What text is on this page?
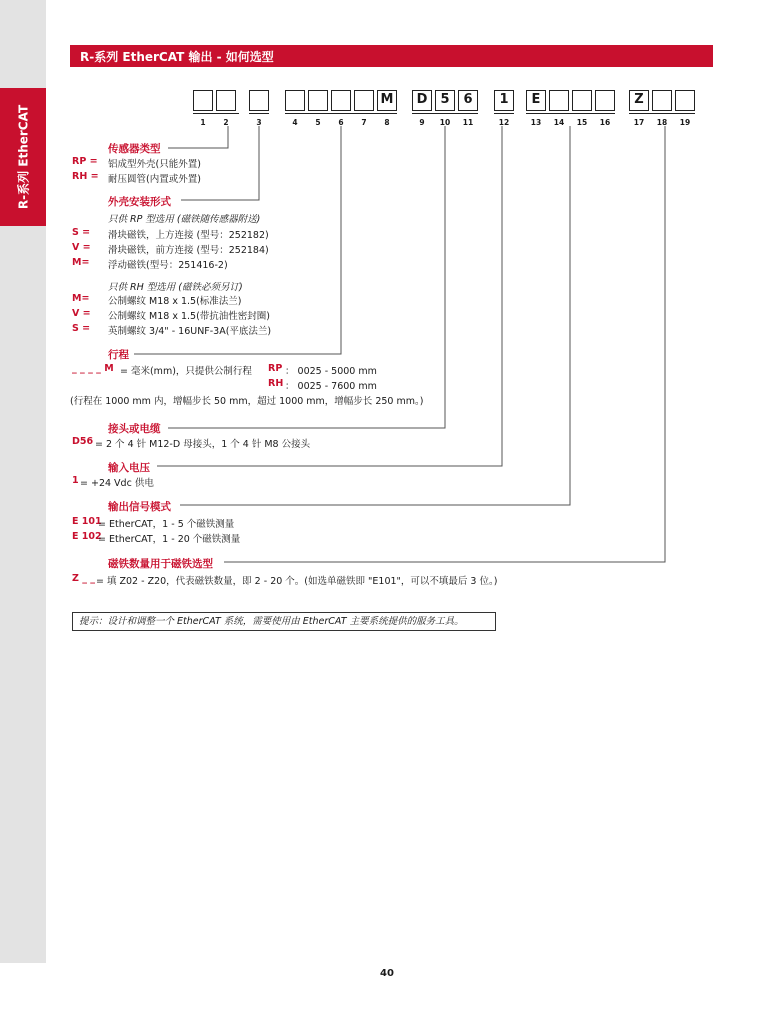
R-系列 EtherCAT
R-系列 EtherCAT 输出 - 如何选型
M	D	5	6	1	E	Z
1	2	3	4	5	6	7	8	9	10	11	12	13	14	15	16	17	18	19
传感器类型
RP = 铝成型外壳(只能外置)
RH = 耐压圆管(内置或外置)
外壳安装形式
只供 RP 型选用 (磁铁随传感器附送)
S = 滑块磁铁，上方连接 (型号：252182)
V = 滑块磁铁，前方连接 (型号：252184)
M= 浮动磁铁(型号：251416-2)
只供 RH 型选用 (磁铁必须另订)
M= 公制螺纹 M18 x 1.5(标准法兰)
V = 公制螺纹 M18 x 1.5(带抗油性密封圈)
S = 英制螺纹 3/4" - 16UNF-3A(平底法兰)
行程
_ _ _ _ M = 毫米(mm)，只提供公制行程 RP ： 0025 - 5000 mm
RH ： 0025 - 7600 mm
(行程在 1000 mm 内，增幅步长 50 mm，超过 1000 mm，增幅步长 250 mm。)
接头或电缆
D56 = 2 个 4 针 M12-D 母接头，1 个 4 针 M8 公接头
输入电压
1 = +24 Vdc 供电
输出信号模式
E 101
= EtherCAT，1 - 5 个磁铁测量
E 102
= EtherCAT，1 - 20 个磁铁测量
磁铁数量用于磁铁选型
Z _ _ = 填 Z02 - Z20，代表磁铁数量，即 2 - 20 个。(如选单磁铁即 "E101"，可以不填最后 3 位。)
提示：设计和调整一个 EtherCAT 系统，需要使用由 EtherCAT 主要系统提供的服务工具。
40
